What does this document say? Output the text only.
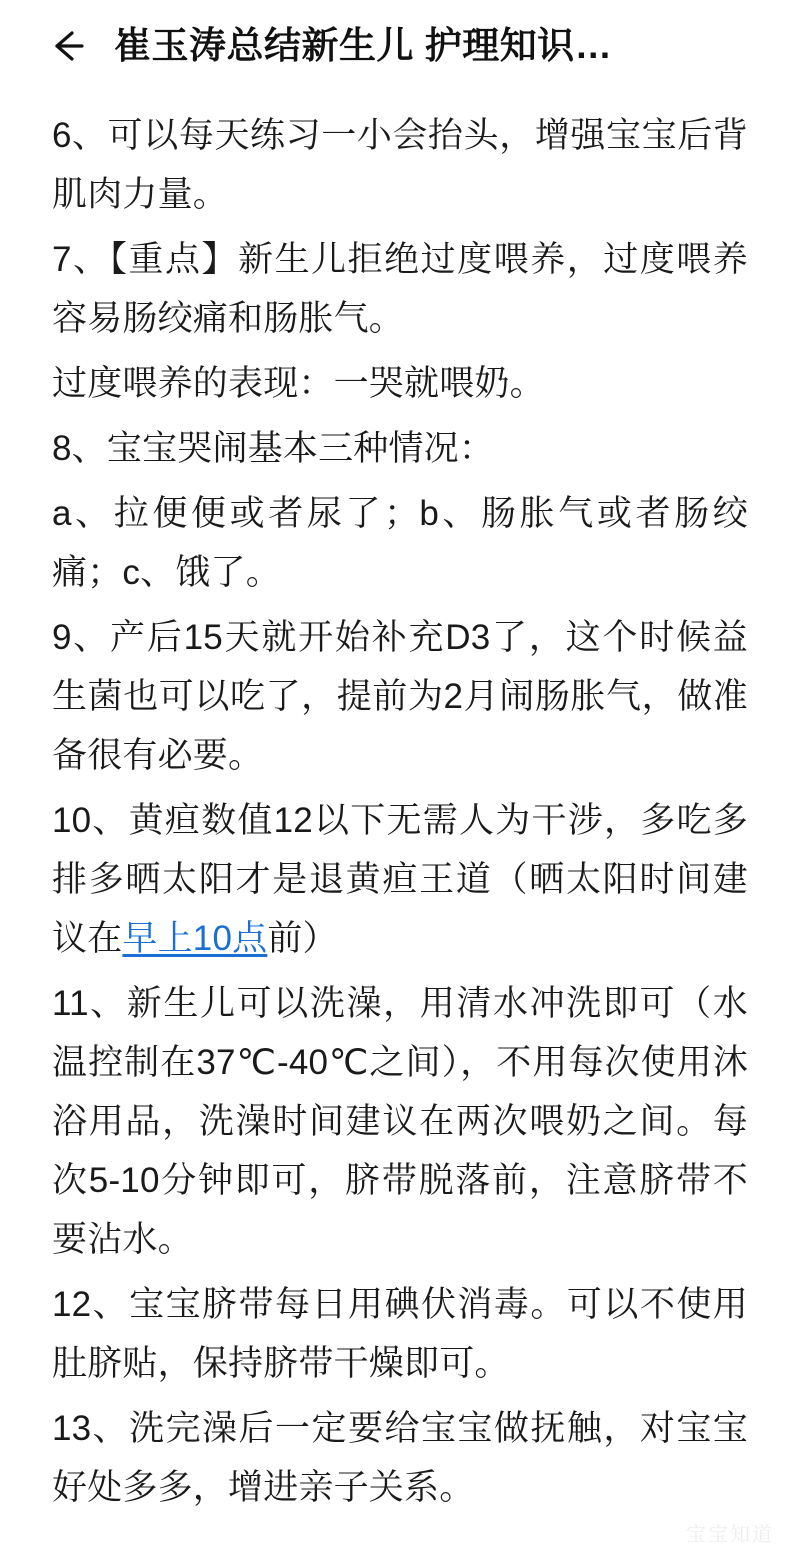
崔玉涛总结新生儿 护理知识…

6、可以每天练习一小会抬头，增强宝宝后背肌肉力量。

7、【重点】新生儿拒绝过度喂养，过度喂养容易肠绞痛和肠胀气。

过度喂养的表现：一哭就喂奶。

8、宝宝哭闹基本三种情况：

a、拉便便或者尿了；b、肠胀气或者肠绞痛；c、饿了。

9、产后15天就开始补充D3了，这个时候益生菌也可以吃了，提前为2月闹肠胀气，做准备很有必要。

10、黄疸数值12以下无需人为干涉，多吃多排多晒太阳才是退黄疸王道（晒太阳时间建议在早上10点前）

11、新生儿可以洗澡，用清水冲洗即可（水温控制在37℃-40℃之间），不用每次使用沐浴用品，洗澡时间建议在两次喂奶之间。每次5-10分钟即可，脐带脱落前，注意脐带不要沾水。

12、宝宝脐带每日用碘伏消毒。可以不使用肚脐贴，保持脐带干燥即可。

13、洗完澡后一定要给宝宝做抚触，对宝宝好处多多，增进亲子关系。

宝宝知道
